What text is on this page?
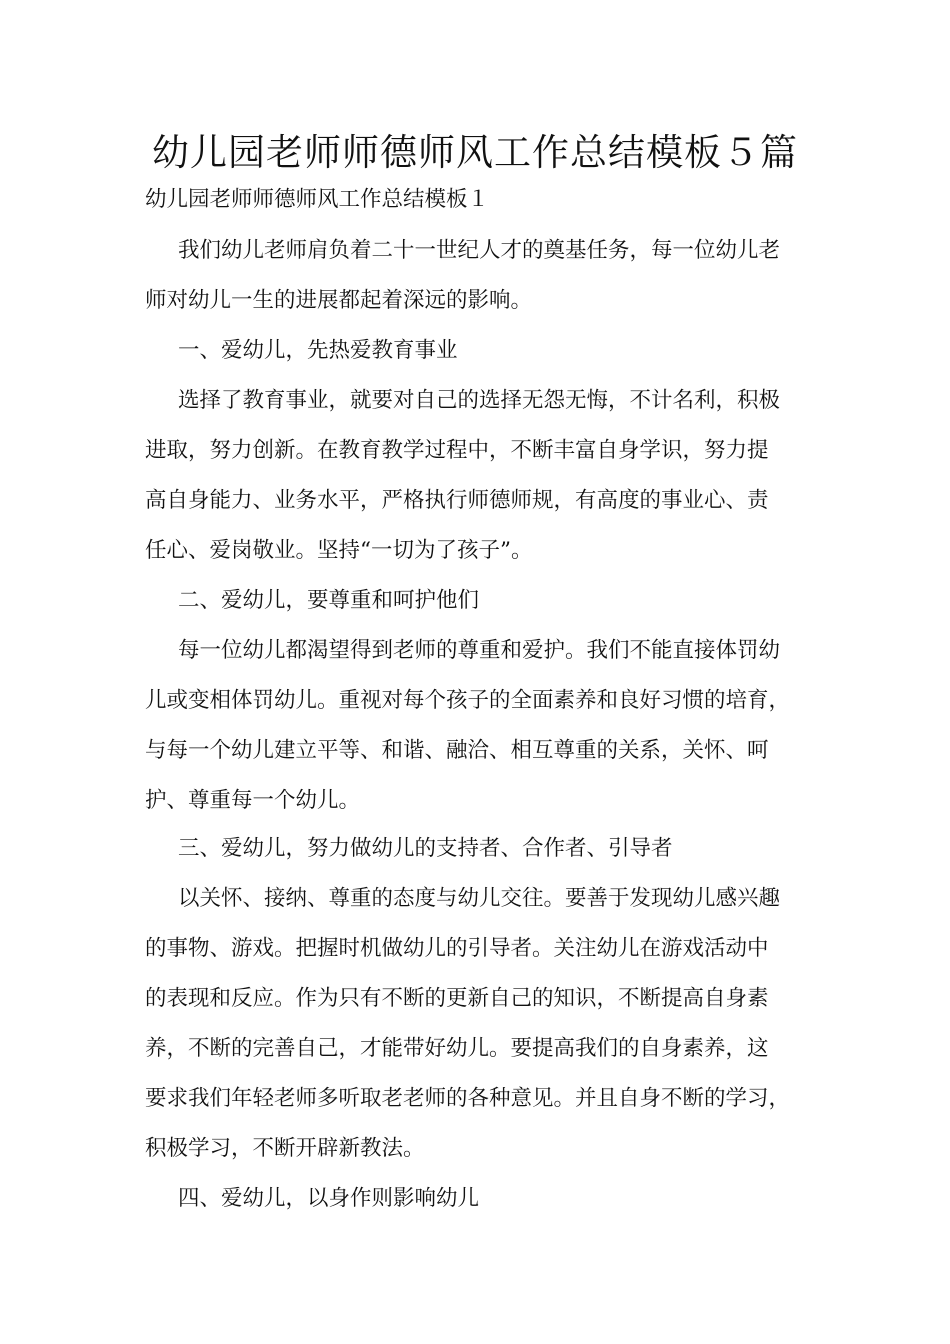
幼儿园老师师德师风工作总结模板５篇

幼儿园老师师德师风工作总结模板１

我们幼儿老师肩负着二十一世纪人才的奠基任务，每一位幼儿老

师对幼儿一生的进展都起着深远的影响。

一、爱幼儿，先热爱教育事业

选择了教育事业，就要对自己的选择无怨无悔，不计名利，积极

进取，努力创新。在教育教学过程中，不断丰富自身学识，努力提

高自身能力、业务水平，严格执行师德师规，有高度的事业心、责

任心、爱岗敬业。坚持“一切为了孩子”。

二、爱幼儿，要尊重和呵护他们

每一位幼儿都渴望得到老师的尊重和爱护。我们不能直接体罚幼

儿或变相体罚幼儿。重视对每个孩子的全面素养和良好习惯的培育，

与每一个幼儿建立平等、和谐、融洽、相互尊重的关系，关怀、呵

护、尊重每一个幼儿。

三、爱幼儿，努力做幼儿的支持者、合作者、引导者

以关怀、接纳、尊重的态度与幼儿交往。要善于发现幼儿感兴趣

的事物、游戏。把握时机做幼儿的引导者。关注幼儿在游戏活动中

的表现和反应。作为只有不断的更新自己的知识，不断提高自身素

养，不断的完善自己，才能带好幼儿。要提高我们的自身素养，这

要求我们年轻老师多听取老老师的各种意见。并且自身不断的学习，

积极学习，不断开辟新教法。

四、爱幼儿，以身作则影响幼儿
